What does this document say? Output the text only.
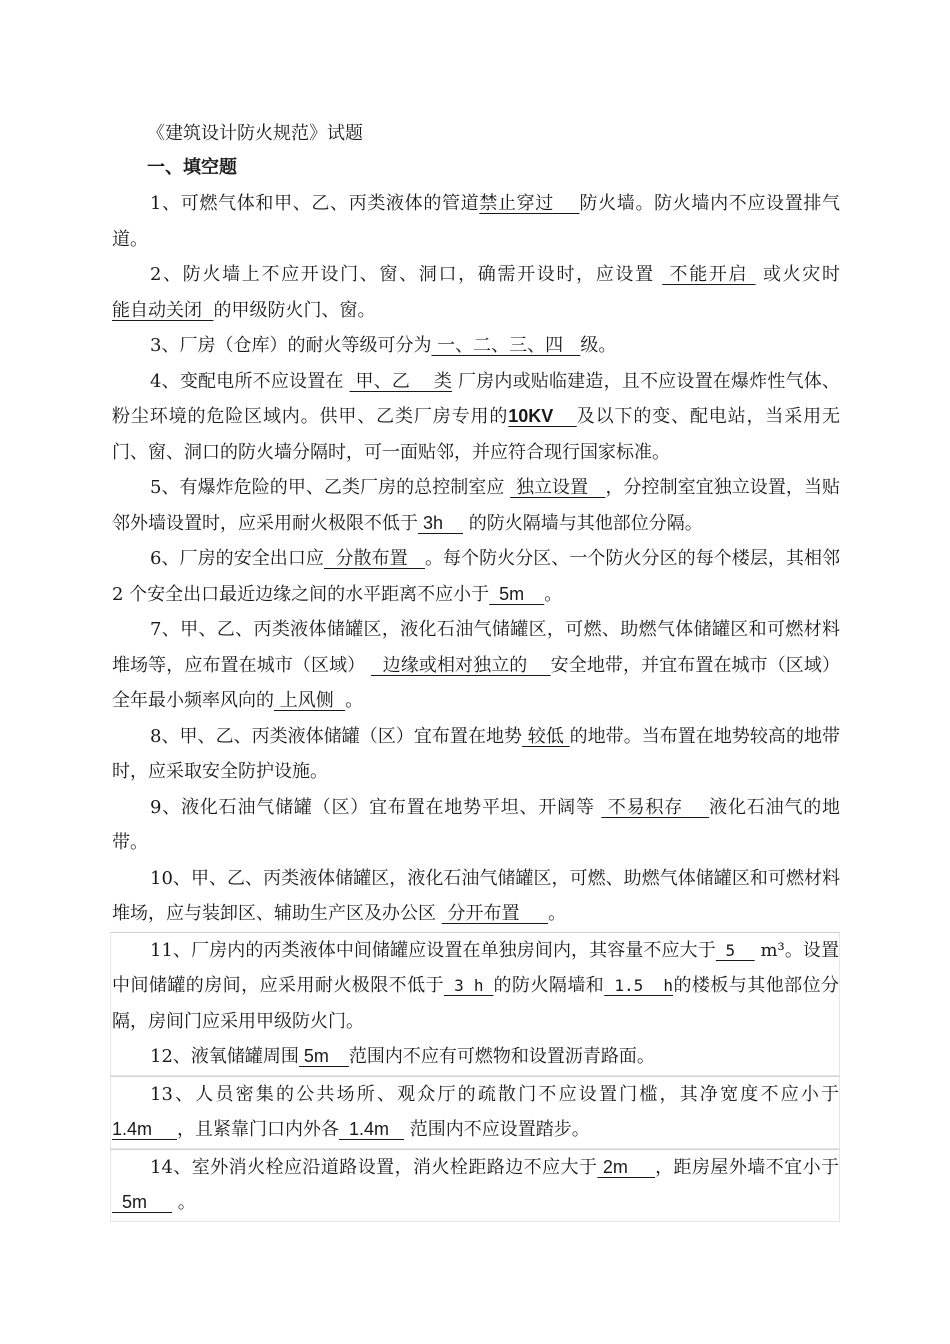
《建筑设计防火规范》试题
一、填空题

1、可燃气体和甲、乙、丙类液体的管道禁止穿过    防火墙。防火墙内不应设置排气道。

2、防火墙上不应开设门、窗、洞口，确需开设时，应设置  不能开启  或火灾时 能自动关闭  的甲级防火门、窗。

3、厂房（仓库）的耐火等级可分为 一、二、三、四   级。

4、变配电所不应设置在  甲、乙    类 厂房内或贴临建造，且不应设置在爆炸性气体、粉尘环境的危险区域内。供甲、乙类厂房专用的10KV    及以下的变、配电站，当采用无门、窗、洞口的防火墙分隔时，可一面贴邻，并应符合现行国家标准。

5、有爆炸危险的甲、乙类厂房的总控制室应  独立设置   ，分控制室宜独立设置，当贴邻外墙设置时，应采用耐火极限不低于 3h     的防火隔墙与其他部位分隔。

6、厂房的安全出口应  分散布置   。每个防火分区、一个防火分区的每个楼层，其相邻 2 个安全出口最近边缘之间的水平距离不应小于  5m    。

7、甲、乙、丙类液体储罐区，液化石油气储罐区，可燃、助燃气体储罐区和可燃材料堆场等，应布置在城市（区域）   边缘或相对独立的    安全地带，并宜布置在城市（区域）全年最小频率风向的 上风侧  。

8、甲、乙、丙类液体储罐（区）宜布置在地势 较低 的地带。当布置在地势较高的地带时，应采取安全防护设施。

9、液化石油气储罐（区）宜布置在地势平坦、开阔等  不易积存    液化石油气的地带。

10、甲、乙、丙类液体储罐区，液化石油气储罐区，可燃、助燃气体储罐区和可燃材料堆场，应与装卸区、辅助生产区及办公区  分开布置     。

11、厂房内的丙类液体中间储罐应设置在单独房间内，其容量不应大于 5   m³。设置中间储罐的房间，应采用耐火极限不低于 3 h 的防火隔墙和 1.5  h的楼板与其他部位分隔，房间门应采用甲级防火门。

12、液氧储罐周围 5m    范围内不应有可燃物和设置沥青路面。

13、人员密集的公共场所、观众厅的疏散门不应设置门槛，其净宽度不应小于1.4m     ，且紧靠门口内外各  1.4m    范围内不应设置踏步。

14、室外消火栓应沿道路设置，消火栓距路边不应大于 2m     ，距房屋外墙不宜小于  5m      。
